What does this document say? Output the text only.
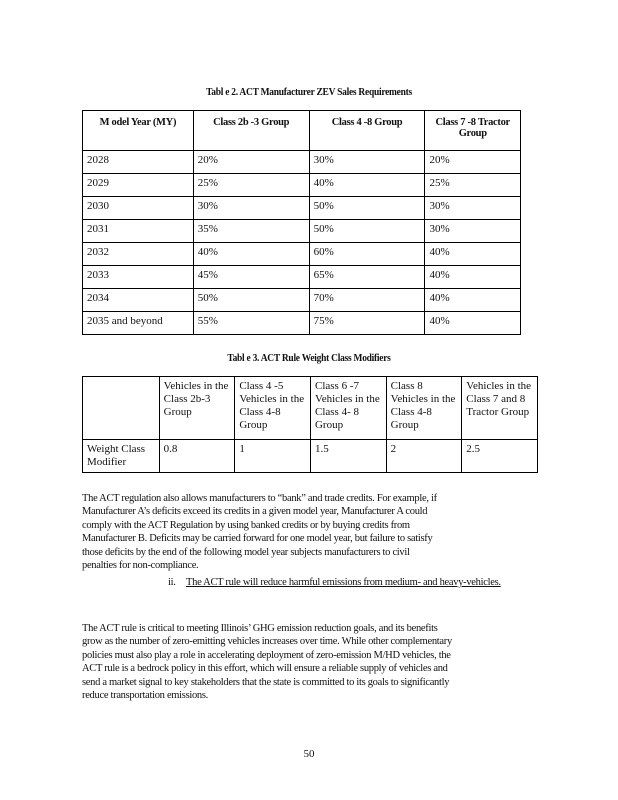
Tabl e 2. ACT Manufacturer ZEV Sales Requirements
M odel Year (MY)	Class 2b -3 Group	Class 4 -8 Group	Class 7 -8 Tractor Group
2028	20%	30%	20%
2029	25%	40%	25%
2030	30%	50%	30%
2031	35%	50%	30%
2032	40%	60%	40%
2033	45%	65%	40%
2034	50%	70%	40%
2035 and beyond	55%	75%	40%
Tabl e 3. ACT Rule Weight Class Modifiers
	Vehicles in the Class 2b-3 Group	Class 4 -5 Vehicles in the Class 4-8 Group	Class 6 -7 Vehicles in the Class 4- 8 Group	Class 8 Vehicles in the Class 4-8 Group	Vehicles in the Class 7 and 8 Tractor Group
Weight Class Modifier	0.8	1	1.5	2	2.5
The ACT regulation also allows manufacturers to “bank” and trade credits. For example, if Manufacturer A’s deficits exceed its credits in a given model year, Manufacturer A could comply with the ACT Regulation by using banked credits or by buying credits from Manufacturer B. Deficits may be carried forward for one model year, but failure to satisfy those deficits by the end of the following model year subjects manufacturers to civil penalties for non-compliance.
ii. The ACT rule will reduce harmful emissions from medium- and heavy-vehicles.
The ACT rule is critical to meeting Illinois’ GHG emission reduction goals, and its benefits grow as the number of zero-emitting vehicles increases over time. While other complementary policies must also play a role in accelerating deployment of zero-emission M/HD vehicles, the ACT rule is a bedrock policy in this effort, which will ensure a reliable supply of vehicles and send a market signal to key stakeholders that the state is committed to its goals to significantly reduce transportation emissions.
50
